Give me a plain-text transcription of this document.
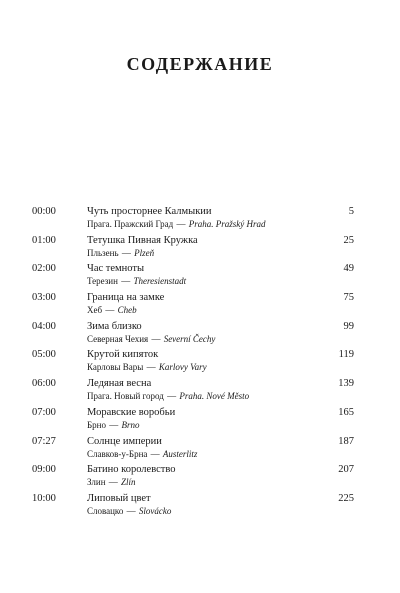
СОДЕРЖАНИЕ
00:00	Чуть просторнее Калмыкии	5
Прага. Пражский Град — Praha. Pražský Hrad
01:00	Тетушка Пивная Кружка	25
Пльзень — Plzeň
02:00	Час темноты	49
Терезин — Theresienstadt
03:00	Граница на замке	75
Хеб — Cheb
04:00	Зима близко	99
Северная Чехия — Severní Čechy
05:00	Крутой кипяток	119
Карловы Вары — Karlovy Vary
06:00	Ледяная весна	139
Прага. Новый город — Praha. Nové Město
07:00	Моравские воробьи	165
Брно — Brno
07:27	Солнце империи	187
Славков-у-Брна — Austerlitz
09:00	Батино королевство	207
Злин — Zlín
10:00	Липовый цвет	225
Словацко — Slovácko
